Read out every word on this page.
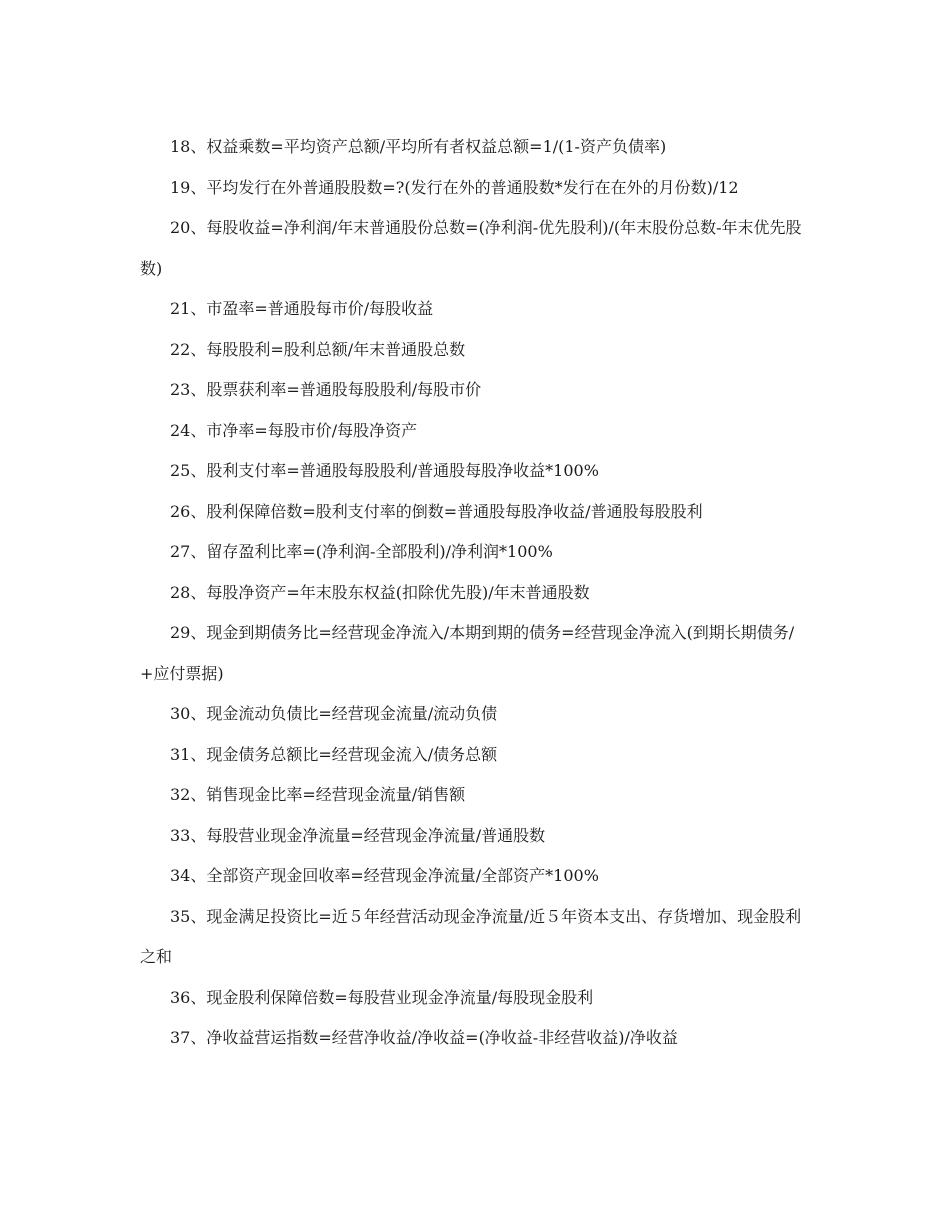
18、权益乘数=平均资产总额/平均所有者权益总额=1/(1-资产负债率)

19、平均发行在外普通股股数=?(发行在外的普通股数*发行在在外的月份数)/12

20、每股收益=净利润/年末普通股份总数=(净利润-优先股利)/(年末股份总数-年末优先股数)

21、市盈率=普通股每市价/每股收益

22、每股股利=股利总额/年末普通股总数

23、股票获利率=普通股每股股利/每股市价

24、市净率=每股市价/每股净资产

25、股利支付率=普通股每股股利/普通股每股净收益*100%

26、股利保障倍数=股利支付率的倒数=普通股每股净收益/普通股每股股利

27、留存盈利比率=(净利润-全部股利)/净利润*100%

28、每股净资产=年末股东权益(扣除优先股)/年末普通股数

29、现金到期债务比=经营现金净流入/本期到期的债务=经营现金净流入(到期长期债务/+应付票据)

30、现金流动负债比=经营现金流量/流动负债

31、现金债务总额比=经营现金流入/债务总额

32、销售现金比率=经营现金流量/销售额

33、每股营业现金净流量=经营现金净流量/普通股数

34、全部资产现金回收率=经营现金净流量/全部资产*100%

35、现金满足投资比=近５年经营活动现金净流量/近５年资本支出、存货增加、现金股利之和

36、现金股利保障倍数=每股营业现金净流量/每股现金股利

37、净收益营运指数=经营净收益/净收益=(净收益-非经营收益)/净收益
